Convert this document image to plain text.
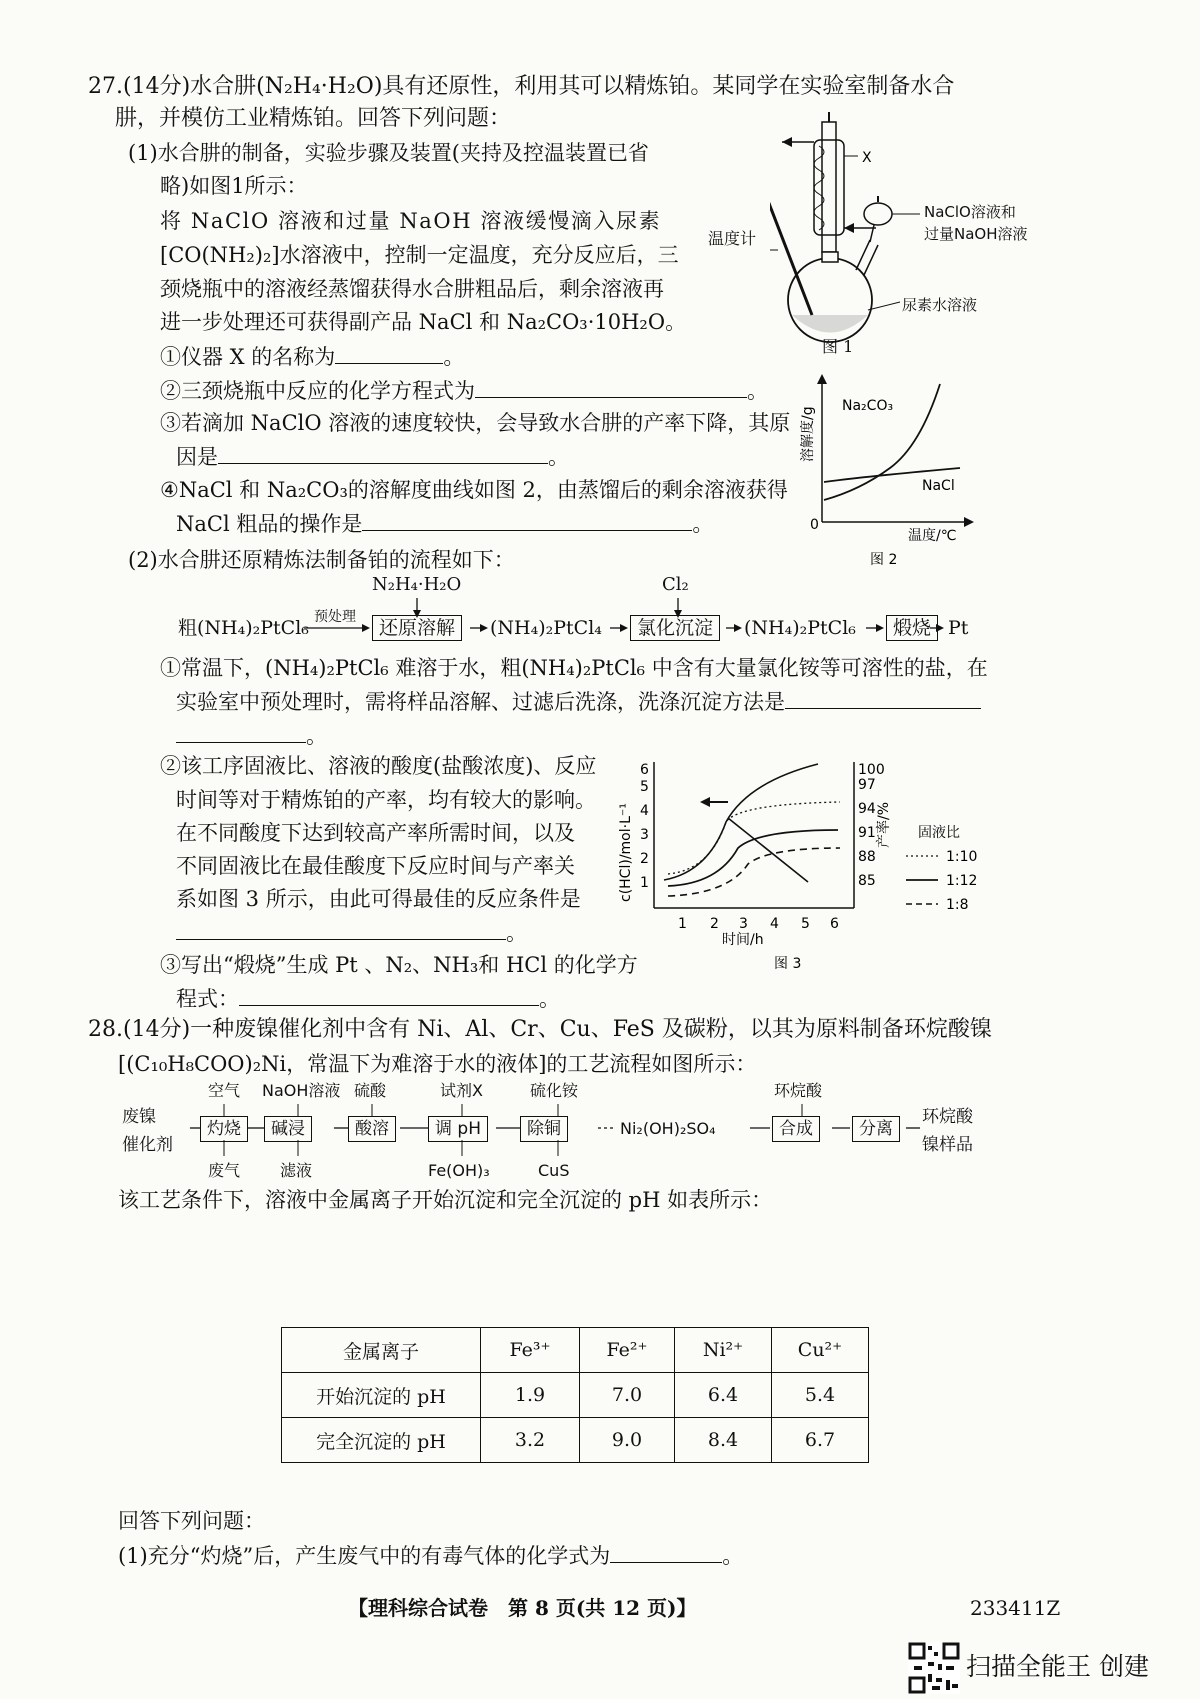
27.(14分)水合肼(N₂H₄·H₂O)具有还原性，利用其可以精炼铂。某同学在实验室制备水合
肼，并模仿工业精炼铂。回答下列问题：
(1)水合肼的制备，实验步骤及装置(夹持及控温装置已省
略)如图1所示：
将 NaClO 溶液和过量 NaOH 溶液缓慢滴入尿素
[CO(NH₂)₂]水溶液中，控制一定温度，充分反应后，三
颈烧瓶中的溶液经蒸馏获得水合肼粗品后，剩余溶液再
进一步处理还可获得副产品 NaCl 和 Na₂CO₃·10H₂O。
①仪器 X 的名称为	。
②三颈烧瓶中反应的化学方程式为	。
③若滴加 NaClO 溶液的速度较快，会导致水合肼的产率下降，其原
因是	。
④NaCl 和 Na₂CO₃的溶解度曲线如图 2，由蒸馏后的剩余溶液获得
NaCl 粗品的操作是	。
X
温度计
NaClO溶液和
过量NaOH溶液
尿素水溶液
图 1
0
Na₂CO₃
NaCl
温度/℃
溶解度/g
图 2
(2)水合肼还原精炼法制备铂的流程如下：
N₂H₄·H₂O	Cl₂
粗(NH₄)₂PtCl₆ 预处理	还原溶解	(NH₄)₂PtCl₄	氯化沉淀	(NH₄)₂PtCl₆	煅烧 Pt
①常温下，(NH₄)₂PtCl₆ 难溶于水，粗(NH₄)₂PtCl₆ 中含有大量氯化铵等可溶性的盐，在
实验室中预处理时，需将样品溶解、过滤后洗涤，洗涤沉淀方法是
。
②该工序固液比、溶液的酸度(盐酸浓度)、反应
时间等对于精炼铂的产率，均有较大的影响。
在不同酸度下达到较高产率所需时间，以及
不同固液比在最佳酸度下反应时间与产率关
系如图 3 所示，由此可得最佳的反应条件是
。	1 2 3 4 5 6
1
2
3
4
5
6
85
88
91
94
97
100
固液比
1:10
1:12
1:8
c(HCl)/mol·L⁻¹	产率/%
时间/h
图 3
③写出“煅烧”生成 Pt 、N₂、NH₃和 HCl 的化学方
程式：	。
28.(14分)一种废镍催化剂中含有 Ni、Al、Cr、Cu、FeS 及碳粉，以其为原料制备环烷酸镍
[(C₁₀H₈COO)₂Ni，常温下为难溶于水的液体]的工艺流程如图所示：
废镍
催化剂
空气 NaOH溶液 硫酸	试剂X	硫化铵	环烷酸
灼烧	碱浸	酸溶	调 pH	除铜	Ni₂(OH)₂SO₄	合成	分离
环烷酸
镍样品
废气 滤液	Fe(OH)₃	CuS
该工艺条件下，溶液中金属离子开始沉淀和完全沉淀的 pH 如表所示：
金属离子	Fe³⁺	Fe²⁺	Ni²⁺	Cu²⁺
开始沉淀的 pH	1.9	7.0	6.4	5.4
完全沉淀的 pH	3.2	9.0	8.4	6.7
回答下列问题：
(1)充分“灼烧”后，产生废气中的有毒气体的化学式为	。
【理科综合试卷　第 8 页(共 12 页)】	233411Z
扫描全能王 创建
